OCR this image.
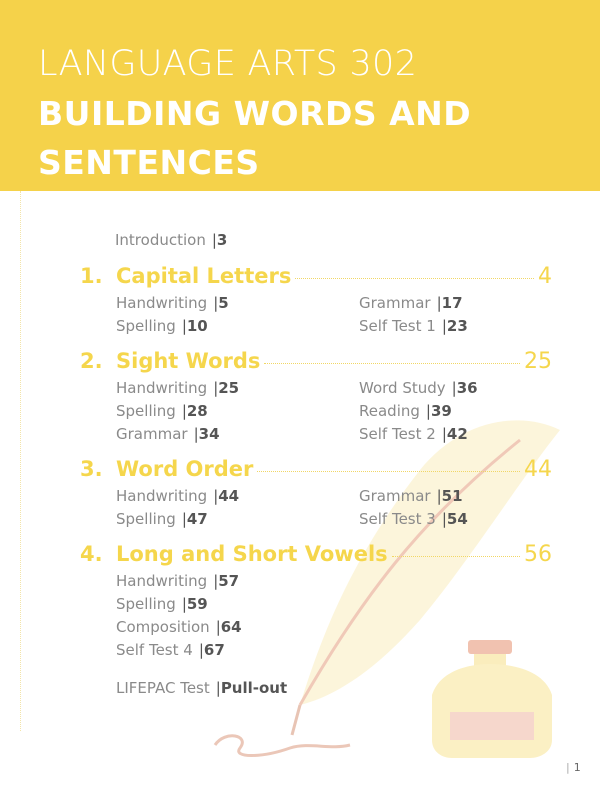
LANGUAGE ARTS 302
BUILDING WORDS AND
SENTENCES
Introduction |3
1. Capital Letters	4
Handwriting |5
Spelling |10
Grammar |17
Self Test 1 |23
2. Sight Words	25
Handwriting |25
Spelling |28
Grammar |34
Word Study |36
Reading |39
Self Test 2 |42
3. Word Order	44
Handwriting |44
Spelling |47
Grammar |51
Self Test 3 |54
4. Long and Short Vowels	56
Handwriting |57
Spelling |59
Composition |64
Self Test 4 |67
LIFEPAC Test |Pull-out
| 1
